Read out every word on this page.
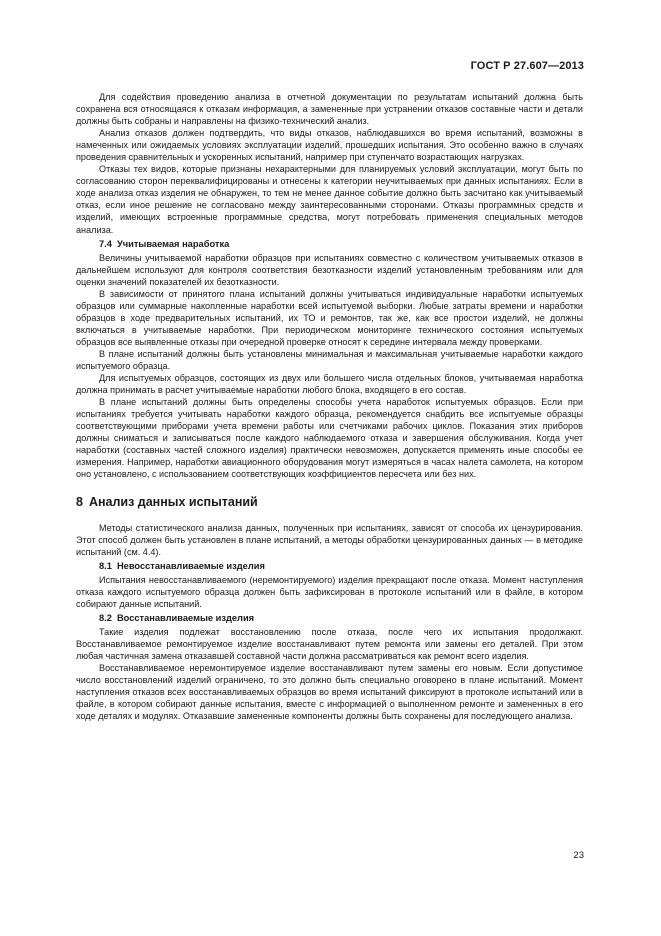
ГОСТ Р 27.607—2013

Для содействия проведению анализа в отчетной документации по результатам испытаний должна быть сохранена вся относящаяся к отказам информация, а замененные при устранении отказов составные части и детали должны быть собраны и направлены на физико-технический анализ.

Анализ отказов должен подтвердить, что виды отказов, наблюдавшихся во время испытаний, возможны в намеченных или ожидаемых условиях эксплуатации изделий, прошедших испытания. Это особенно важно в случаях проведения сравнительных и ускоренных испытаний, например при ступенчато возрастающих нагрузках.

Отказы тех видов, которые признаны нехарактерными для планируемых условий эксплуатации, могут быть по согласованию сторон переквалифицированы и отнесены к категории неучитываемых при данных испытаниях. Если в ходе анализа отказ изделия не обнаружен, то тем не менее данное событие должно быть засчитано как учитываемый отказ, если иное решение не согласовано между заинтересованными сторонами. Отказы программных средств и изделий, имеющих встроенные программные средства, могут потребовать применения специальных методов анализа.

7.4 Учитываемая наработка

Величины учитываемой наработки образцов при испытаниях совместно с количеством учитываемых отказов в дальнейшем используют для контроля соответствия безотказности изделий установленным требованиям или для оценки значений показателей их безотказности.

В зависимости от принятого плана испытаний должны учитываться индивидуальные наработки испытуемых образцов или суммарные накопленные наработки всей испытуемой выборки. Любые затраты времени и наработки образцов в ходе предварительных испытаний, их ТО и ремонтов, так же, как все простои изделий, не должны включаться в учитываемые наработки. При периодическом мониторинге технического состояния испытуемых образцов все выявленные отказы при очередной проверке относят к середине интервала между проверками.

В плане испытаний должны быть установлены минимальная и максимальная учитываемые наработки каждого испытуемого образца.

Для испытуемых образцов, состоящих из двух или большего числа отдельных блоков, учитываемая наработка должна принимать в расчет учитываемые наработки любого блока, входящего в его состав.

В плане испытаний должны быть определены способы учета наработок испытуемых образцов. Если при испытаниях требуется учитывать наработки каждого образца, рекомендуется снабдить все испытуемые образцы соответствующими приборами учета времени работы или счетчиками рабочих циклов. Показания этих приборов должны сниматься и записываться после каждого наблюдаемого отказа и завершения обслуживания. Когда учет наработки (составных частей сложного изделия) практически невозможен, допускается применять иные способы ее измерения. Например, наработки авиационного оборудования могут измеряться в часах налета самолета, на котором оно установлено, с использованием соответствующих коэффициентов пересчета или без них.

8 Анализ данных испытаний

Методы статистического анализа данных, полученных при испытаниях, зависят от способа их цензурирования. Этот способ должен быть установлен в плане испытаний, а методы обработки цензурированных данных — в методике испытаний (см. 4.4).

8.1 Невосстанавливаемые изделия

Испытания невосстанавливаемого (неремонтируемого) изделия прекращают после отказа. Момент наступления отказа каждого испытуемого образца должен быть зафиксирован в протоколе испытаний или в файле, в котором собирают данные испытаний.

8.2 Восстанавливаемые изделия

Такие изделия подлежат восстановлению после отказа, после чего их испытания продолжают. Восстанавливаемое ремонтируемое изделие восстанавливают путем ремонта или замены его деталей. При этом любая частичная замена отказавшей составной части должна рассматриваться как ремонт всего изделия.

Восстанавливаемое неремонтируемое изделие восстанавливают путем замены его новым. Если допустимое число восстановлений изделий ограничено, то это должно быть специально оговорено в плане испытаний. Момент наступления отказов всех восстанавливаемых образцов во время испытаний фиксируют в протоколе испытаний или в файле, в котором собирают данные испытания, вместе с информацией о выполненном ремонте и замененных в его ходе деталях и модулях. Отказавшие замененные компоненты должны быть сохранены для последующего анализа.

23
